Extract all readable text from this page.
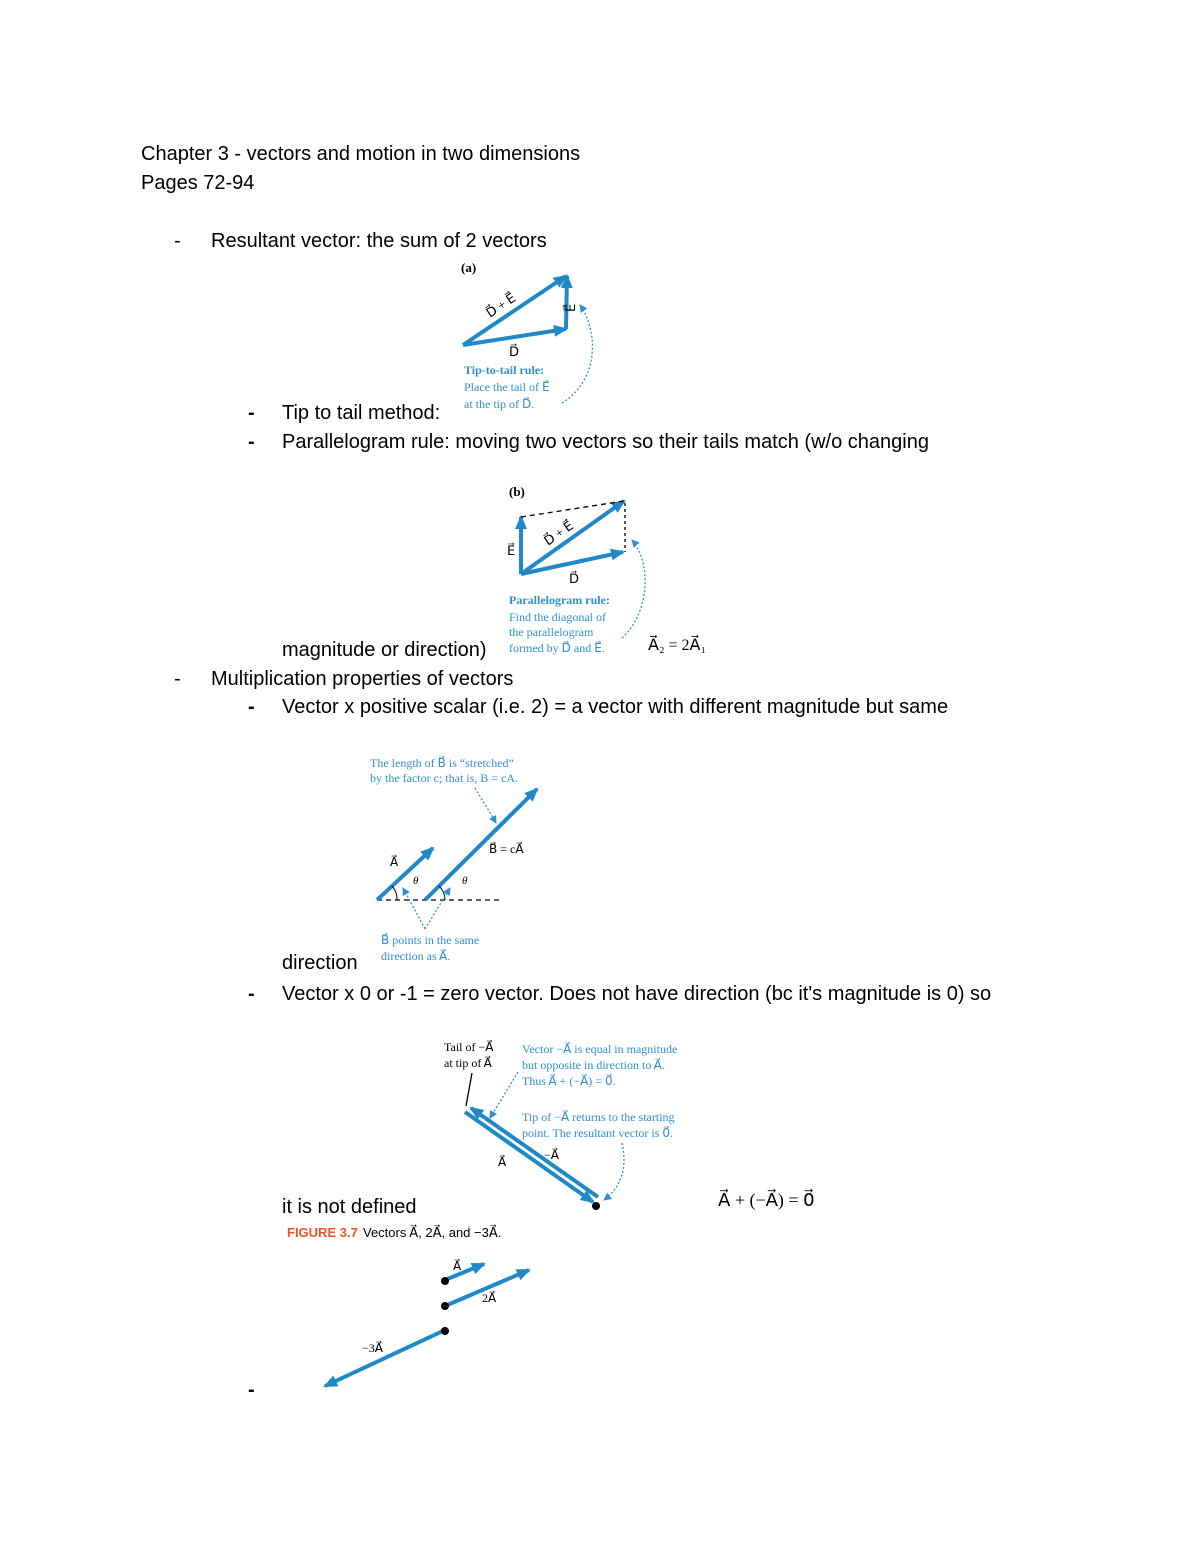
Chapter 3 - vectors and motion in two dimensions
Pages 72-94
- Resultant vector: the sum of 2 vectors
- Tip to tail method:
- Parallelogram rule: moving two vectors so their tails match (w/o changing
magnitude or direction)
- Multiplication properties of vectors
- Vector x positive scalar (i.e. 2) = a vector with different magnitude but same
direction
- Vector x 0 or -1 = zero vector. Does not have direction (bc it's magnitude is 0) so
it is not defined
-
(a)
D⃗ + E⃗	E⃗
D⃗
Tip-to-tail rule:
Place the tail of E⃗
at the tip of D⃗.
(b)
E⃗
D⃗ + E⃗
D⃗
Parallelogram rule:
Find the diagonal of
the parallelogram
formed by D⃗ and E⃗.	A⃗₂ = 2A⃗₁
The length of B⃗ is “stretched”
by the factor c; that is, B = cA.
θ	θ
A⃗
B⃗ = cA⃗
B⃗ points in the same
direction as A⃗.
Tail of −A⃗
at tip of A⃗
Vector −A⃗ is equal in magnitude
but opposite in direction to A⃗.
Thus A⃗ + (−A⃗) = 0⃗.
Tip of −A⃗ returns to the starting
point. The resultant vector is 0⃗.
A⃗	−A⃗
A⃗ + (−A⃗) = 0⃗
FIGURE 3.7 Vectors A⃗, 2A⃗, and −3A⃗.
A⃗
2A⃗
−3A⃗
